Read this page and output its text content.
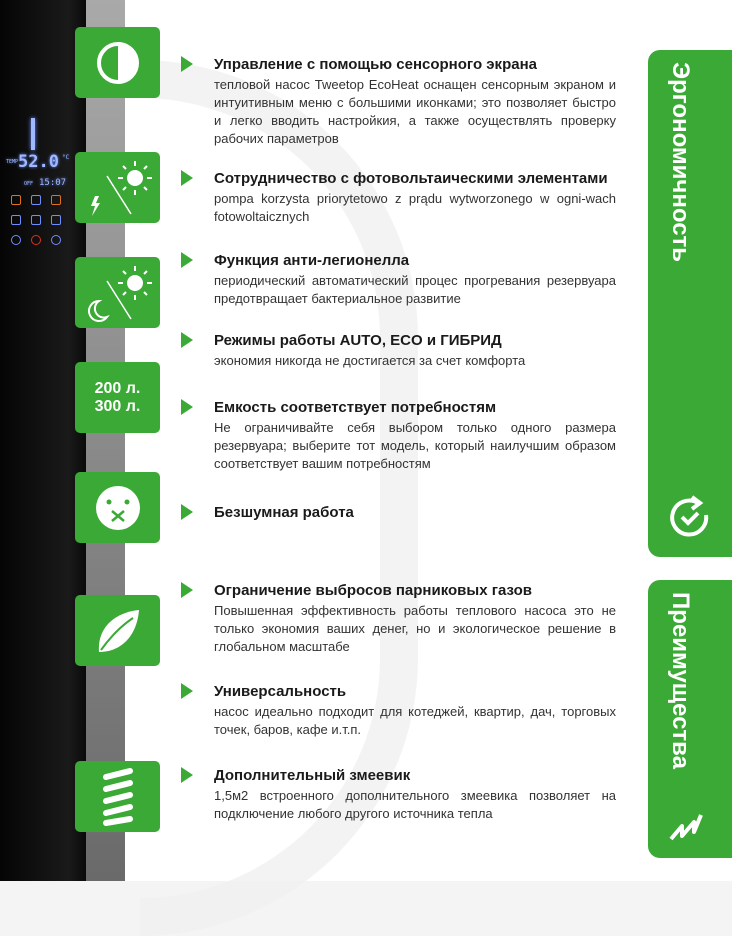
TEMP 52.0 °C
OFF 15:07
200 л.
300 л.
Управление с помощью сенсорного экрана

тепловой насос Tweetop EcoHeat оснащен сенсорным экраном и интуитивным меню с большими иконками; это позволяет быстро и легко вводить настройкия, а также осуществлять проверку рабочих параметров

Сотрудничество с фотовольтаическими элементами

pompa korzysta priorytetowo z prądu wytworzonego w ogni-wach fotowoltaicznych

Функция анти-легионелла

периодический автоматический процес прогревания резервуара предотвращает бактериальное развитие

Режимы работы AUTO, ECO и ГИБРИД

экономия никогда не достигается за счет комфорта

Емкость соответствует потребностям

Не ограничивайте себя выбором только одного размера резервуара; выберите тот модель, который наилучшим образом соответствует вашим потребностям

Безшумная работа
Ограничение выбросов парниковых газов

Повышенная эффективность работы теплового насоса это не только экономия ваших денег, но и экологическое решение в глобальном масштабе

Универсальность

насос идеально подходит для котеджей, квартир, дач, торговых точек, баров, кафе и.т.п.

Дополнительный змеевик

1,5м2 встроенного дополнительного змеевика позволяет на подключение любого другого источника тепла

Эргономичность
Преимущества
